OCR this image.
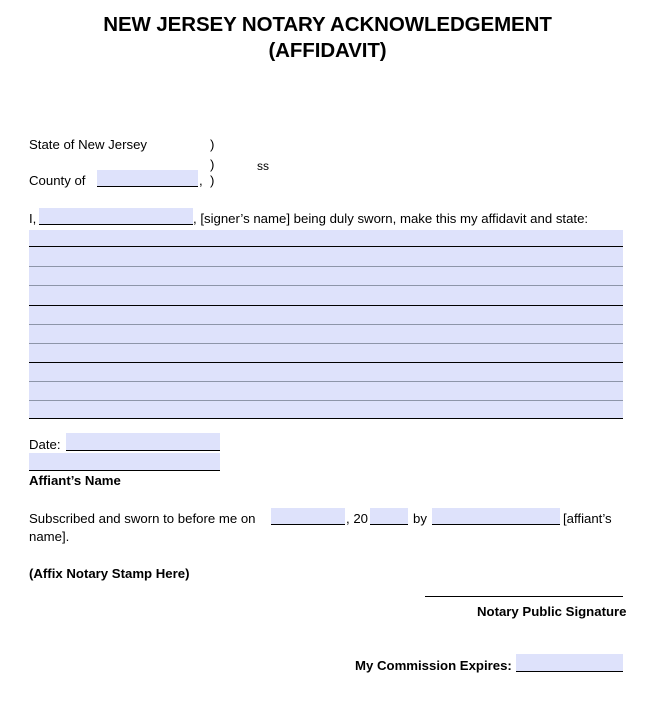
NEW JERSEY NOTARY ACKNOWLEDGEMENT
(AFFIDAVIT)
State of New Jersey	)
)	ss
County of	, )
I,	, [signer’s name] being duly sworn, make this my affidavit and state:
Date:
Affiant’s Name
Subscribed and sworn to before me on	, 20	by	[affiant’s
name].
(Affix Notary Stamp Here)
Notary Public Signature
My Commission Expires:
